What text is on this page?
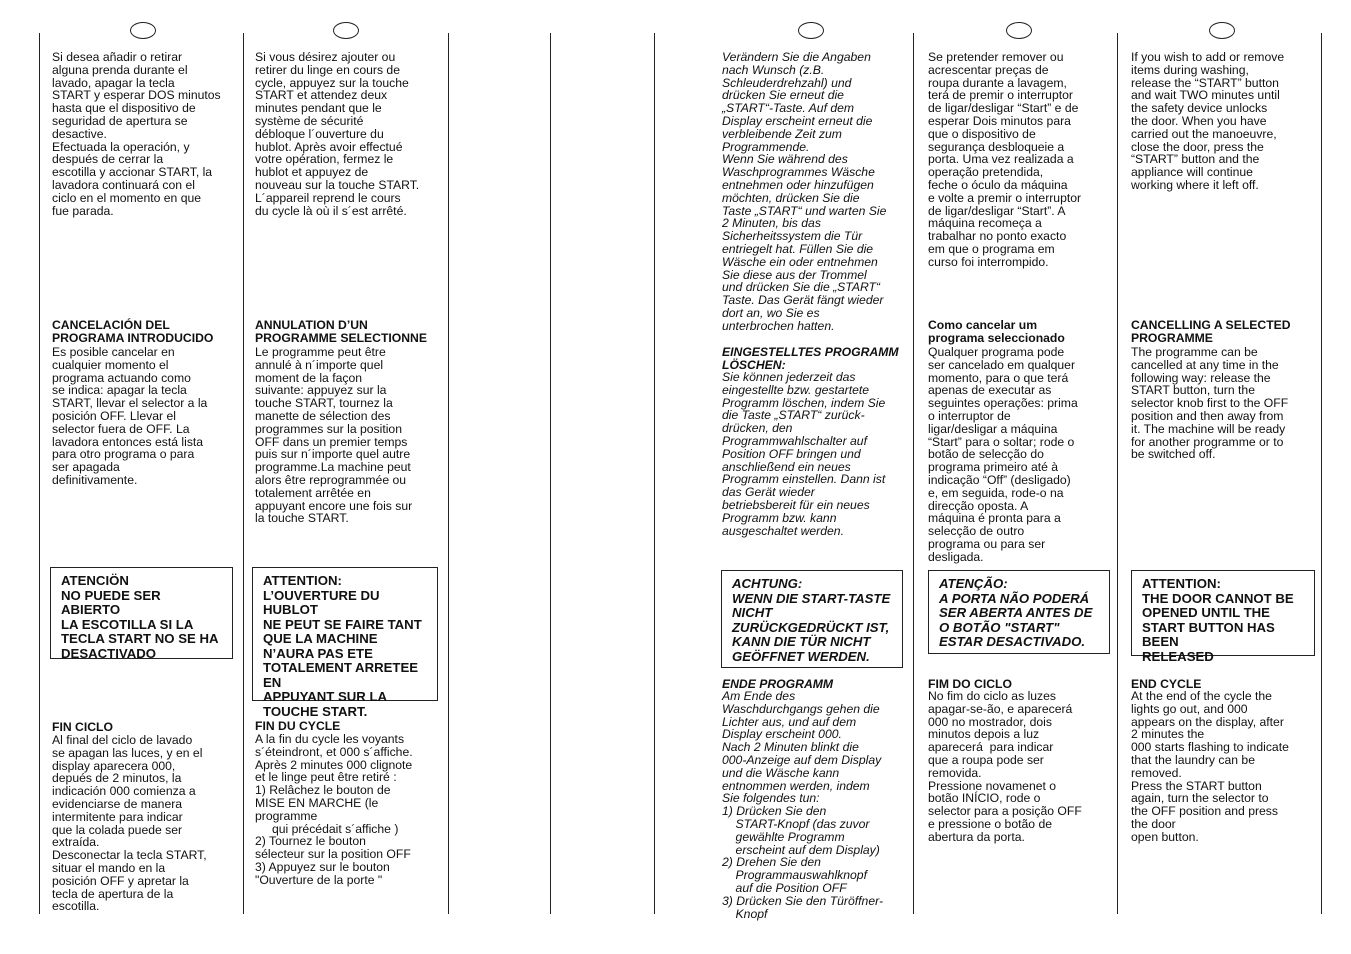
Si desea añadir o retirar
alguna prenda durante el
lavado, apagar la tecla
START y esperar DOS minutos
hasta que el dispositivo de
seguridad de apertura se
desactive.
Efectuada la operación, y
después de cerrar la
escotilla y accionar START, la
lavadora continuará con el
ciclo en el momento en que
fue parada.

CANCELACIÓN DEL
PROGRAMA INTRODUCIDO

Es posible cancelar en
cualquier momento el
programa actuando como
se indica: apagar la tecla
START, llevar el selector a la
posición OFF. Llevar el
selector fuera de OFF. La
lavadora entonces está lista
para otro programa o para
ser apagada
definitivamente.

FIN CICLO

Al final del ciclo de lavado
se apagan las luces, y en el
display aparecera 000,
depués de 2 minutos, la
indicación 000 comienza a
evidenciarse de manera
intermitente para indicar
que la colada puede ser
extraída.
Desconectar la tecla START,
situar el mando en la
posición OFF y apretar la
tecla de apertura de la
escotilla.

ATENCIÖN
NO PUEDE SER ABIERTO
LA ESCOTILLA SI LA
TECLA START NO SE HA
DESACTIVADO

Si vous désirez ajouter ou
retirer du linge en cours de
cycle, appuyez sur la touche
START et attendez deux
minutes pendant que le
système de sécurité
débloque l´ouverture du
hublot. Après avoir effectué
votre opération, fermez le
hublot et appuyez de
nouveau sur la touche START.
L´appareil reprend le cours
du cycle là où il s´est arrêté.

ANNULATION D’UN
PROGRAMME SELECTIONNE

Le programme peut être
annulé à n´importe quel
moment de la façon
suivante: appuyez sur la
touche START, tournez la
manette de sélection des
programmes sur la position
OFF dans un premier temps
puis sur n´importe quel autre
programme.La machine peut
alors être reprogrammée ou
totalement arrêtée en
appuyant encore une fois sur
la touche START.

FIN DU CYCLE

A la fin du cycle les voyants
s´éteindront, et 000 s´affiche.
Après 2 minutes 000 clignote
et le linge peut être retiré :
1) Relâchez le bouton de
MISE EN MARCHE (le
programme
qui précédait s´affiche )
2) Tournez le bouton
sélecteur sur la position OFF
3) Appuyez sur le bouton
"Ouverture de la porte "

ATTENTION:
L’OUVERTURE DU HUBLOT
NE PEUT SE FAIRE TANT
QUE LA MACHINE
N’AURA PAS ETE
TOTALEMENT ARRETEE EN
APPUYANT SUR LA
TOUCHE START.

Verändern Sie die Angaben
nach Wunsch (z.B.
Schleuderdrehzahl) und
drücken Sie erneut die
„START“-Taste. Auf dem
Display erscheint erneut die
verbleibende Zeit zum
Programmende.
Wenn Sie während des
Waschprogrammes Wäsche
entnehmen oder hinzufügen
möchten, drücken Sie die
Taste „START“ und warten Sie
2 Minuten, bis das
Sicherheitssystem die Tür
entriegelt hat. Füllen Sie die
Wäsche ein oder entnehmen
Sie diese aus der Trommel
und drücken Sie die „START“
Taste. Das Gerät fängt wieder
dort an, wo Sie es
unterbrochen hatten.

EINGESTELLTES PROGRAMM
LÖSCHEN:

Sie können jederzeit das
eingestellte bzw. gestartete
Programm löschen, indem Sie
die Taste „START“ zurück-
drücken, den
Programmwahlschalter auf
Position OFF bringen und
anschließend ein neues
Programm einstellen. Dann ist
das Gerät wieder
betriebsbereit für ein neues
Programm bzw. kann
ausgeschaltet werden.

ENDE PROGRAMM

Am Ende des
Waschdurchgangs gehen die
Lichter aus, und auf dem
Display erscheint 000.
Nach 2 Minuten blinkt die
000-Anzeige auf dem Display
und die Wäsche kann
entnommen werden, indem
Sie folgendes tun:
1) Drücken Sie den
START-Knopf (das zuvor
gewählte Programm
erscheint auf dem Display)
2) Drehen Sie den
Programmauswahlknopf
auf die Position OFF
3) Drücken Sie den Türöffner-
Knopf

ACHTUNG:
WENN DIE START-TASTE
NICHT
ZURÜCKGEDRÜCKT IST,
KANN DIE TÜR NICHT
GEÖFFNET WERDEN.

Se pretender remover ou
acrescentar preças de
roupa durante a lavagem,
terá de premir o interruptor
de ligar/desligar “Start” e de
esperar Dois minutos para
que o dispositivo de
segurança desbloqueie a
porta. Uma vez realizada a
operação pretendida,
feche o óculo da máquina
e volte a premir o interruptor
de ligar/desligar “Start”. A
máquina recomeça a
trabalhar no ponto exacto
em que o programa em
curso foi interrompido.

Como cancelar um
programa seleccionado

Qualquer programa pode
ser cancelado em qualquer
momento, para o que terá
apenas de executar as
seguintes operações: prima
o interruptor de
ligar/desligar a máquina
“Start” para o soltar; rode o
botão de selecção do
programa primeiro até à
indicação “Off” (desligado)
e, em seguida, rode-o na
direcção oposta. A
máquina é pronta para a
selecção de outro
programa ou para ser
desligada.

FIM DO CICLO

No fim do ciclo as luzes
apagar-se-ão, e aparecerá
000 no mostrador, dois
minutos depois a luz
aparecerá  para indicar
que a roupa pode ser
removida.
Pressione novamenet o
botão INÍCIO, rode o
selector para a posição OFF
e pressione o botão de
abertura da porta.

ATENÇÃO:
A PORTA NÃO PODERÁ
SER ABERTA ANTES DE
O BOTÃO "START"
ESTAR DESACTIVADO.

If you wish to add or remove
items during washing,
release the “START” button
and wait TWO minutes until
the safety device unlocks
the door. When you have
carried out the manoeuvre,
close the door, press the
“START” button and the
appliance will continue
working where it left off.

CANCELLING A SELECTED
PROGRAMME

The programme can be
cancelled at any time in the
following way: release the
START button, turn the
selector knob first to the OFF
position and then away from
it. The machine will be ready
for another programme or to
be switched off.

END CYCLE

At the end of the cycle the
lights go out, and 000
appears on the display, after
2 minutes the
000 starts flashing to indicate
that the laundry can be
removed.
Press the START button
again, turn the selector to
the OFF position and press
the door
open button.

ATTENTION:
THE DOOR CANNOT BE
OPENED UNTIL THE
START BUTTON HAS BEEN
RELEASED
